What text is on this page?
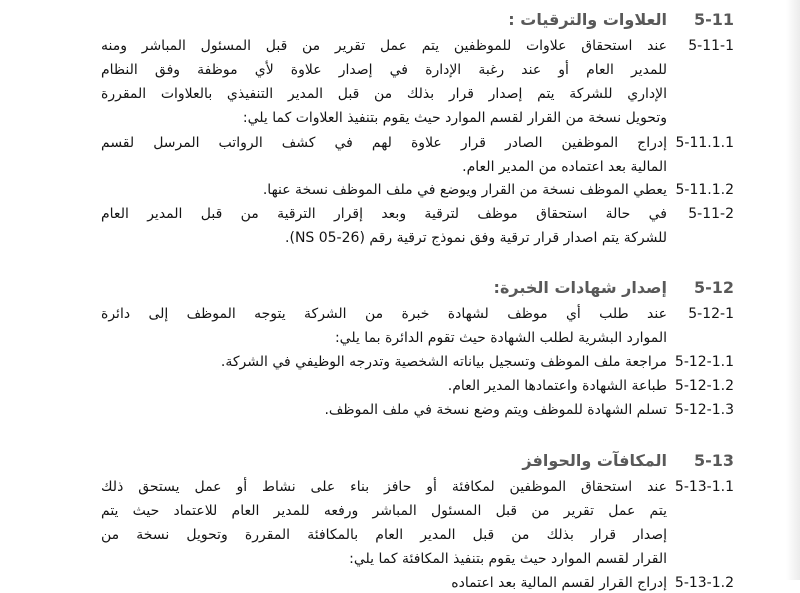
5-11
العلاوات والترقيات :
5-11-1
عند استحقاق علاوات للموظفين يتم عمل تقرير من قبل المسئول المباشر ومنه
للمدير العام أو عند رغبة الإدارة في إصدار علاوة لأي موظفة وفق النظام
الإداري للشركة يتم إصدار قرار بذلك من قبل المدير التنفيذي بالعلاوات المقررة
وتحويل نسخة من القرار لقسم الموارد حيث يقوم بتنفيذ العلاوات كما يلي:
5-11.1.1
إدراج الموظفين الصادر قرار علاوة لهم في كشف الرواتب المرسل لقسم
المالية بعد اعتماده من المدير العام.
5-11.1.2
يعطي الموظف نسخة من القرار ويوضع في ملف الموظف نسخة عنها.
5-11-2
في حالة استحقاق موظف لترقية وبعد إقرار الترقية من قبل المدير العام
للشركة يتم اصدار قرار ترقية وفق نموذج ترقية رقم (NS 05-26).
5-12
إصدار شهادات الخبرة:
5-12-1
عند طلب أي موظف لشهادة خبرة من الشركة يتوجه الموظف إلى دائرة
الموارد البشرية لطلب الشهادة حيث تقوم الدائرة بما يلي:
5-12-1.1
مراجعة ملف الموظف وتسجيل بياناته الشخصية وتدرجه الوظيفي في الشركة.
5-12-1.2
طباعة الشهادة واعتمادها المدير العام.
5-12-1.3
تسلم الشهادة للموظف ويتم وضع نسخة في ملف الموظف.
5-13
المكافآت والحوافز
5-13-1.1
عند استحقاق الموظفين لمكافئة أو حافز بناء على نشاط أو عمل يستحق ذلك
يتم عمل تقرير من قبل المسئول المباشر ورفعه للمدير العام للاعتماد حيث يتم
إصدار قرار بذلك من قبل المدير العام بالمكافئة المقررة وتحويل نسخة من
القرار لقسم الموارد حيث يقوم بتنفيذ المكافئة كما يلي:
5-13-1.2
إدراج القرار لقسم المالية بعد اعتماده
